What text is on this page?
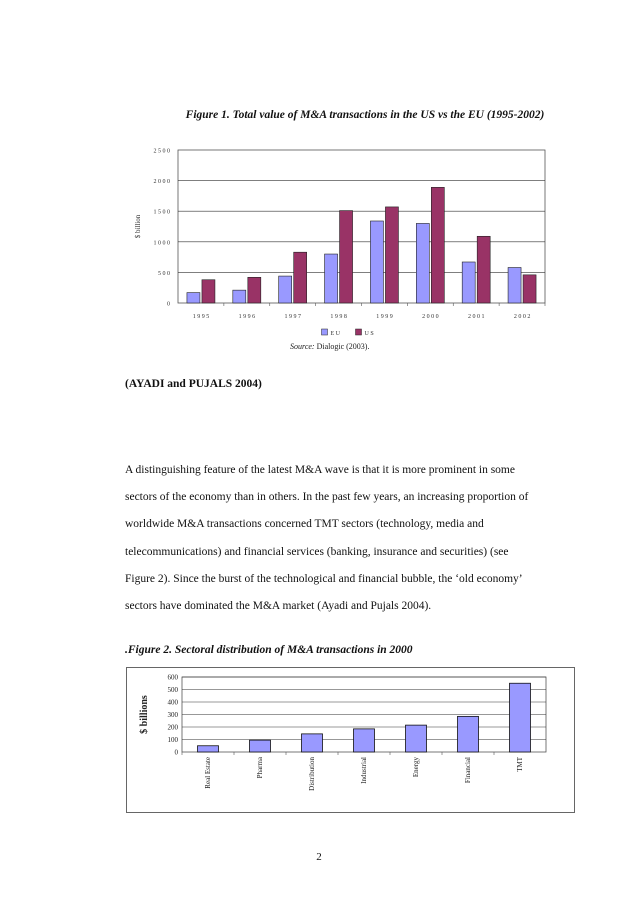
Figure 1. Total value of M&A transactions in the US vs the EU (1995-2002)
2 5 0 0
2 0 0 0
1 5 0 0
1 0 0 0
5 0 0
0
$ billion
1 9 9 5	1 9 9 6	1 9 9 7	1 9 9 8	1 9 9 9	2 0 0 0	2 0 0 1	2 0 0 2
E U	U S
Source: Dialogic (2003).
(AYADI and PUJALS 2004)

A distinguishing feature of the latest M&A wave is that it is more prominent in some

sectors of the economy than in others. In the past few years, an increasing proportion of

worldwide M&A transactions concerned TMT sectors (technology, media and

telecommunications) and financial services (banking, insurance and securities) (see

Figure 2). Since the burst of the technological and financial bubble, the ‘old economy’

sectors have dominated the M&A market (Ayadi and Pujals 2004).

.Figure 2. Sectoral distribution of M&A transactions in 2000
600
500
400
300
200
100
0
$ billions
Real Estate	Pharma	Distribution	Industrial	Energy	Financial	TMT
2
